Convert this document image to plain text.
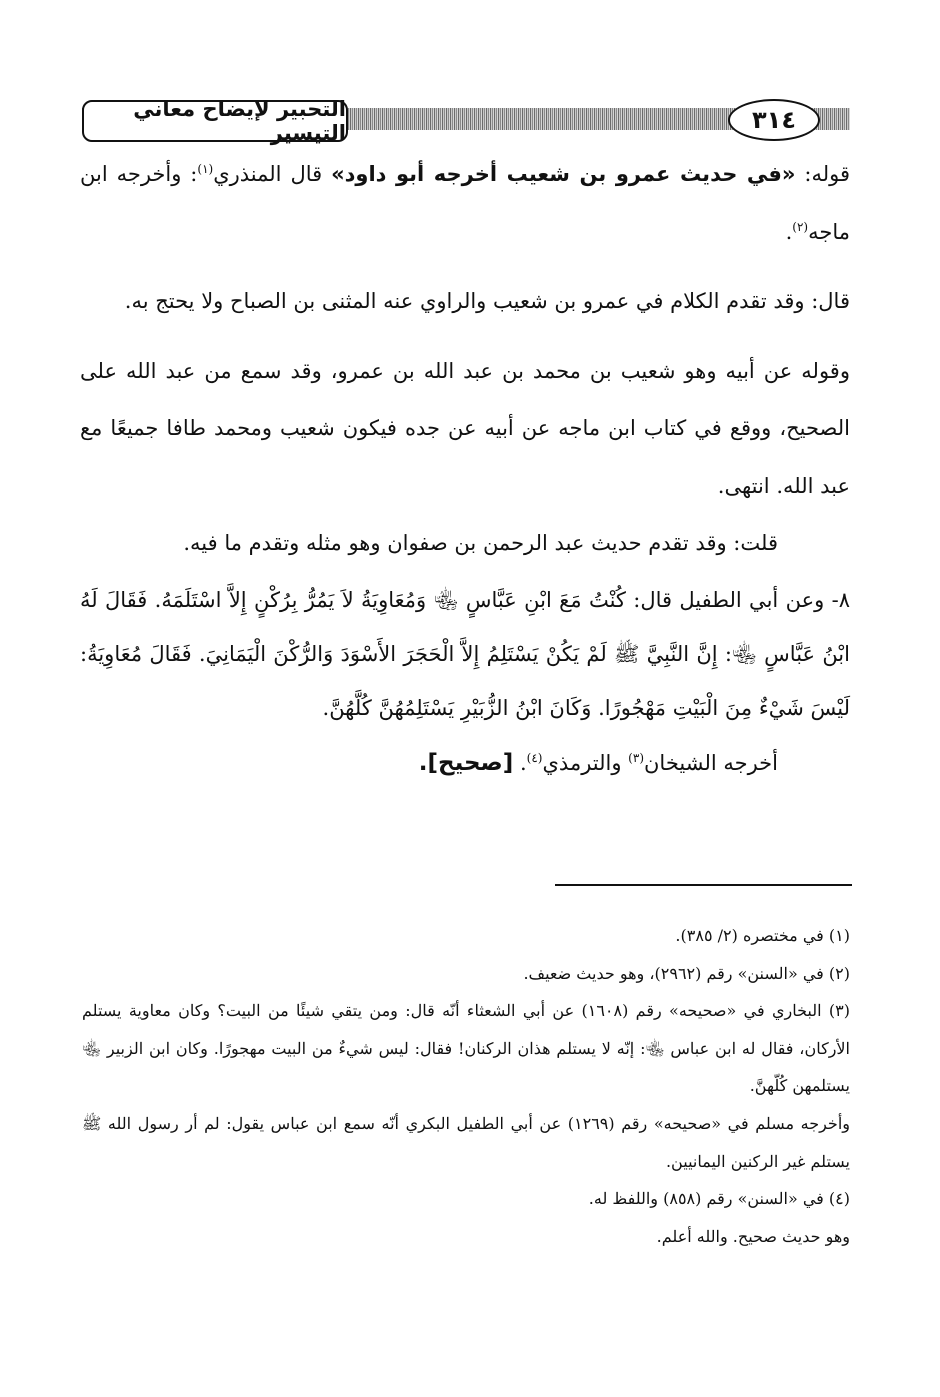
التحبير لإيضاح معاني التيسير	٣١٤

قوله: «في حديث عمرو بن شعيب أخرجه أبو داود» قال المنذري$^{(١)}$: وأخرجه ابن ماجه$^{(٢)}$.

قال: وقد تقدم الكلام في عمرو بن شعيب والراوي عنه المثنى بن الصباح ولا يحتج به.

وقوله عن أبيه وهو شعيب بن محمد بن عبد الله بن عمرو، وقد سمع من عبد الله على الصحيح، ووقع في كتاب ابن ماجه عن أبيه عن جده فيكون شعيب ومحمد طافا جميعًا مع عبد الله. انتهى.

قلت: وقد تقدم حديث عبد الرحمن بن صفوان وهو مثله وتقدم ما فيه.

٨- وعن أبي الطفيل قال: كُنْتُ مَعَ ابْنِ عَبَّاسٍ ﵄ وَمُعَاوِيَةُ لاَ يَمُرُّ بِرُكْنٍ إِلاَّ اسْتَلَمَهُ. فَقَالَ لَهُ ابْنُ عَبَّاسٍ ﵄: إِنَّ النَّبِيَّ ﷺ لَمْ يَكُنْ يَسْتَلِمُ إِلاَّ الْحَجَرَ الأَسْوَدَ وَالرُّكْنَ الْيَمَانِيَ. فَقَالَ مُعَاوِيَةُ: لَيْسَ شَيْءٌ مِنَ الْبَيْتِ مَهْجُورًا. وَكَانَ ابْنُ الزُّبَيْرِ يَسْتَلِمُهُنَّ كُلَّهُنَّ.

أخرجه الشيخان$^{(٣)}$ والترمذي$^{(٤)}$. [صحيح].

(١) في مختصره (٢/ ٣٨٥).

(٢) في «السنن» رقم (٢٩٦٢)، وهو حديث ضعيف.

(٣) البخاري في «صحيحه» رقم (١٦٠٨) عن أبي الشعثاء أنّه قال: ومن يتقي شيئًا من البيت؟ وكان معاوية يستلم الأركان، فقال له ابن عباس ﵄: إنّه لا يستلم هذان الركنان! فقال: ليس شيءٌ من البيت مهجورًا. وكان ابن الزبير ﵄ يستلمهن كُلّهنَّ.

وأخرجه مسلم في «صحيحه» رقم (١٢٦٩) عن أبي الطفيل البكري أنّه سمع ابن عباس يقول: لم أر رسول الله ﷺ يستلم غير الركنين اليمانيين.

(٤) في «السنن» رقم (٨٥٨) واللفظ له.

وهو حديث صحيح. والله أعلم.
